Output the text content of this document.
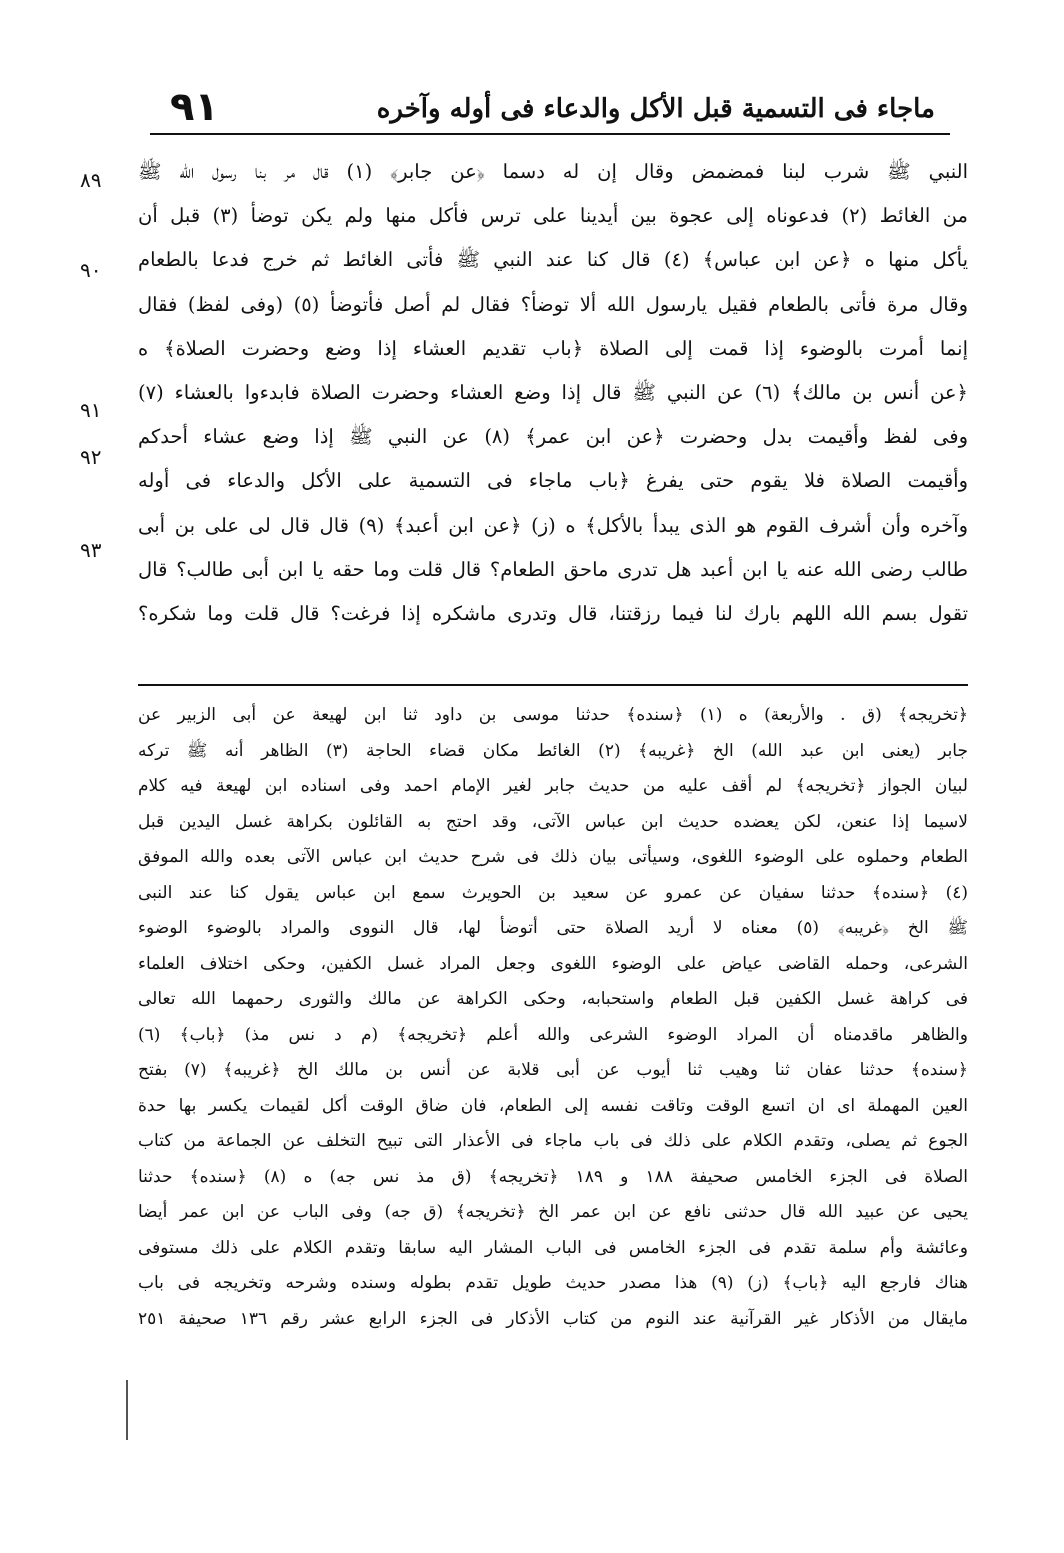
٩١	ماجاء فى التسمية قبل الأكل والدعاء فى أوله وآخره
النبي ﷺ شرب لبنا فمضمض وقال إن له دسما ﴿عن جابر﴾ (١) قال مر بنا رسول الله ﷺ
من الغائط (٢) فدعوناه إلى عجوة بين أيدينا على ترس فأكل منها ولم يكن توضأ (٣) قبل أن
يأكل منها ه ﴿عن ابن عباس﴾ (٤) قال كنا عند النبي ﷺ فأتى الغائط ثم خرج فدعا بالطعام
وقال مرة فأتى بالطعام فقيل يارسول الله ألا توضأ؟ فقال لم أصل فأتوضأ (٥) (وفى لفظ) فقال
إنما أمرت بالوضوء إذا قمت إلى الصلاة ﴿باب تقديم العشاء إذا وضع وحضرت الصلاة﴾ ه
﴿عن أنس بن مالك﴾ (٦) عن النبي ﷺ قال إذا وضع العشاء وحضرت الصلاة فابدءوا بالعشاء (٧)
وفى لفظ وأقيمت بدل وحضرت ﴿عن ابن عمر﴾ (٨) عن النبي ﷺ إذا وضع عشاء أحدكم
وأقيمت الصلاة فلا يقوم حتى يفرغ ﴿باب ماجاء فى التسمية على الأكل والدعاء فى أوله
وآخره وأن أشرف القوم هو الذى يبدأ بالأكل﴾ ه (ز) ﴿عن ابن أعبد﴾ (٩) قال قال لى على بن أبى
طالب رضى الله عنه يا ابن أعبد هل تدرى ماحق الطعام؟ قال قلت وما حقه يا ابن أبى طالب؟ قال
تقول بسم الله اللهم بارك لنا فيما رزقتنا، قال وتدرى ماشكره إذا فرغت؟ قال قلت وما شكره؟
٨٩
٩٠
٩١
٩٢
٩٣
﴿تخريجه﴾ (ق . والأربعة) ه (١) ﴿سنده﴾ حدثنا موسى بن داود ثنا ابن لهيعة عن أبى الزبير عن
جابر (يعنى ابن عبد الله) الخ ﴿غريبه﴾ (٢) الغائط مكان قضاء الحاجة (٣) الظاهر أنه ﷺ تركه
لبيان الجواز ﴿تخريجه﴾ لم أقف عليه من حديث جابر لغير الإمام احمد وفى اسناده ابن لهيعة فيه كلام
لاسيما إذا عنعن، لكن يعضده حديث ابن عباس الآتى، وقد احتج به القائلون بكراهة غسل اليدين قبل
الطعام وحملوه على الوضوء اللغوى، وسيأتى بيان ذلك فى شرح حديث ابن عباس الآتى بعده والله الموفق
(٤) ﴿سنده﴾ حدثنا سفيان عن عمرو عن سعيد بن الحويرث سمع ابن عباس يقول كنا عند النبى
ﷺ الخ ﴿غريبه﴾ (٥) معناه لا أريد الصلاة حتى أتوضأ لها، قال النووى والمراد بالوضوء الوضوء
الشرعى، وحمله القاضى عياض على الوضوء اللغوى وجعل المراد غسل الكفين، وحكى اختلاف العلماء
فى كراهة غسل الكفين قبل الطعام واستحبابه، وحكى الكراهة عن مالك والثورى رحمهما الله تعالى
والظاهر ماقدمناه أن المراد الوضوء الشرعى والله أعلم ﴿تخريجه﴾ (م د نس مذ) ﴿باب﴾ (٦)
﴿سنده﴾ حدثنا عفان ثنا وهيب ثنا أيوب عن أبى قلابة عن أنس بن مالك الخ ﴿غريبه﴾ (٧) بفتح
العين المهملة اى ان اتسع الوقت وتاقت نفسه إلى الطعام، فان ضاق الوقت أكل لقيمات يكسر بها حدة
الجوع ثم يصلى، وتقدم الكلام على ذلك فى باب ماجاء فى الأعذار التى تبيح التخلف عن الجماعة من كتاب
الصلاة فى الجزء الخامس صحيفة ١٨٨ و ١٨٩ ﴿تخريجه﴾ (ق مذ نس جه) ه (٨) ﴿سنده﴾ حدثنا
يحيى عن عبيد الله قال حدثنى نافع عن ابن عمر الخ ﴿تخريجه﴾ (ق جه) وفى الباب عن ابن عمر أيضا
وعائشة وأم سلمة تقدم فى الجزء الخامس فى الباب المشار اليه سابقا وتقدم الكلام على ذلك مستوفى
هناك فارجع اليه ﴿باب﴾ (ز) (٩) هذا مصدر حديث طويل تقدم بطوله وسنده وشرحه وتخريجه فى باب
مايقال من الأذكار غير القرآنية عند النوم من كتاب الأذكار فى الجزء الرابع عشر رقم ١٣٦ صحيفة ٢٥١
